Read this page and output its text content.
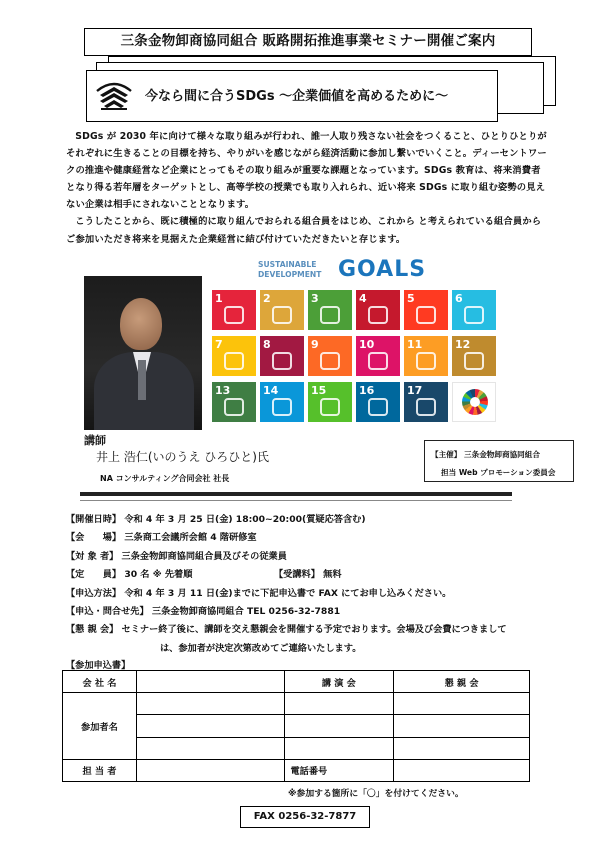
三条金物卸商協同組合 販路開拓推進事業セミナー開催ご案内
今なら間に合うSDGs ～企業価値を高めるために～

SDGs が 2030 年に向けて様々な取り組みが行われ、誰一人取り残さない社会をつくること、ひとりひとりがそれぞれに生きることの目標を持ち、やりがいを感じながら経済活動に参加し繋いでいくこと。ディーセントワークの推進や健康経営など企業にとってもその取り組みが重要な課題となっています。SDGs 教育は、将来消費者となり得る若年層をターゲットとし、高等学校の授業でも取り入れられ、近い将来 SDGs に取り組む姿勢の見えない企業は相手にされないこととなります。

こうしたことから、既に積極的に取り組んでおられる組合員をはじめ、これから と考えられている組合員からご参加いただき将来を見据えた企業経営に結び付けていただきたいと存じます。

SUSTAINABLE
DEVELOPMENT GOALS
1	2	3	4	5	6
7	8	9	10	11	12
13	14	15	16	17
講師
井上 浩仁(いのうえ ひろひと)氏
NA コンサルティング合同会社 社長
【主催】 三条金物卸商協同組合
担当 Web プロモーション委員会
【開催日時】 令和 4 年 3 月 25 日(金) 18:00~20:00(質疑応答含む)
【会　　場】 三条商工会議所会館 4 階研修室
【対 象 者】 三条金物卸商協同組合員及びその従業員
【定　　員】 30 名 ※ 先着順	【受講料】 無料
【申込方法】 令和 4 年 3 月 11 日(金)までに下記申込書で FAX にてお申し込みください。
【申込・問合せ先】 三条金物卸商協同組合 TEL 0256-32-7881
【懇 親 会】 セミナー終了後に、講師を交え懇親会を開催する予定でおります。会場及び会費につきまして
は、参加者が決定次第改めてご連絡いたします。
【参加申込書】
会 社 名		講 演 会	懇 親 会
参加者名			

担 当 者		電話番号	
※参加する箇所に「〇」を付けてください。
FAX 0256-32-7877
